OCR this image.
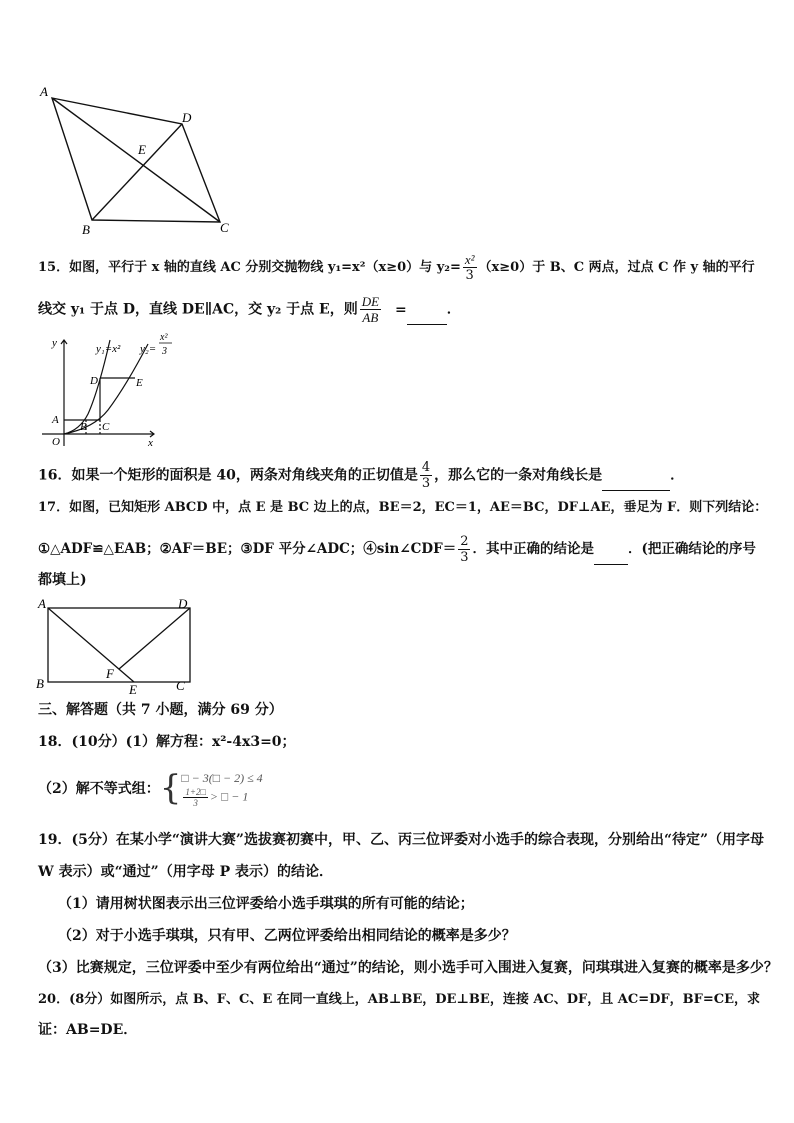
A
D
E
B	C
15．如图，平行于 x 轴的直线 AC 分别交抛物线 y₁=x²（x≥0）与 $y_2= \frac{\text{x²}}{3} (x\ge 0)$于 B、C 两点，过点 C 作 y 轴的平行
线交 y₁ 于点 D，直线 DE∥AC，交 y₂ 于点 E，则 $\frac{DE}{AB}$ =	．
y
x
O
y₁=x² y₂=
x²
3
A
B C
D	E
16．如果一个矩形的面积是 40，两条对角线夹角的正切值是 $\frac{4}{3}$ ，那么它的一条对角线长是	．
17．如图，已知矩形 ABCD 中，点 E 是 BC 边上的点，BE＝2，EC＝1，AE＝BC，DF⊥AE，垂足为 F．则下列结论：
①△ADF≌△EAB；②AF＝BE；③DF 平分∠ADC；④sin∠CDF＝ $\frac{2}{3}$ ．其中正确的结论是	．(把正确结论的序号
都填上)
A	D
B	C
E
F
三、解答题（共 7 小题，满分 69 分）
18．(10分）(1）解方程：x²-4x3=0；
（2）解不等式组：{ □ − 3(□ − 2) ≤ 4
$\frac{1+2□}{3}$ > □ − 1
19．(5分）在某小学“演讲大赛”选拔赛初赛中，甲、乙、丙三位评委对小选手的综合表现，分别给出“待定”（用字母
W 表示）或“通过”（用字母 P 表示）的结论．
（1）请用树状图表示出三位评委给小选手琪琪的所有可能的结论；
（2）对于小选手琪琪，只有甲、乙两位评委给出相同结论的概率是多少？
（3）比赛规定，三位评委中至少有两位给出“通过”的结论，则小选手可入围进入复赛，问琪琪进入复赛的概率是多少？
20．(8分）如图所示，点 B、F、C、E 在同一直线上，AB⊥BE，DE⊥BE，连接 AC、DF，且 AC=DF，BF=CE，求
证：AB=DE．
